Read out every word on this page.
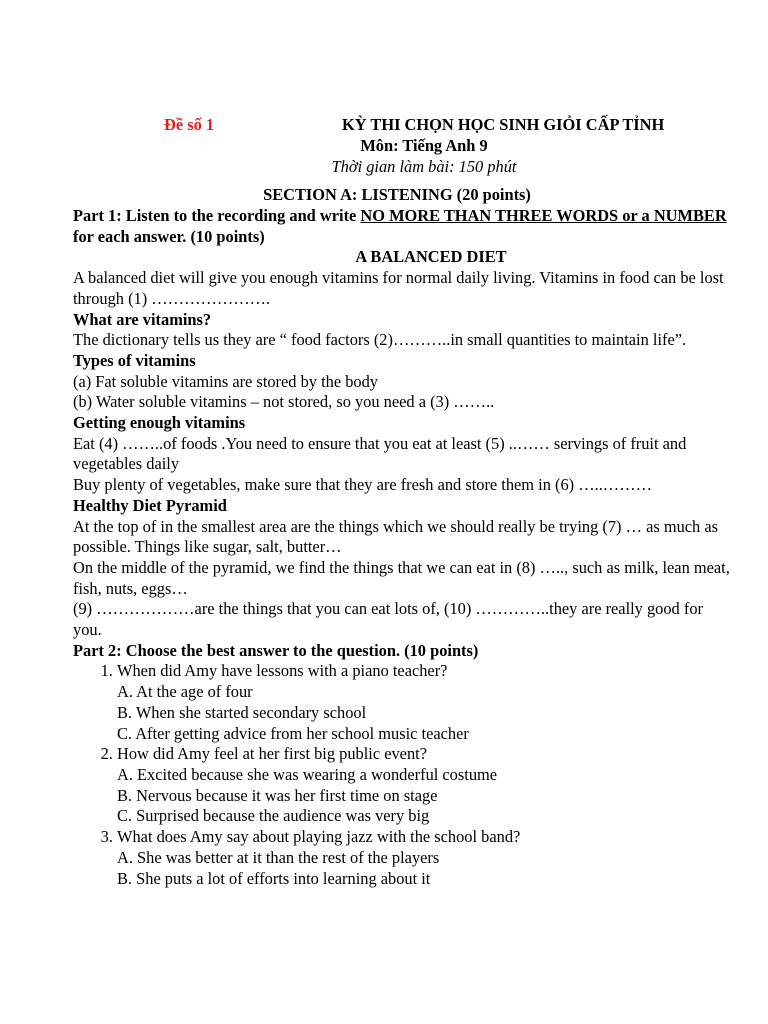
Đề số 1	KỲ THI CHỌN HỌC SINH GIỎI CẤP TỈNH
Môn: Tiếng Anh 9
Thời gian làm bài: 150 phút
SECTION A: LISTENING (20 points)

Part 1: Listen to the recording and write NO MORE THAN THREE WORDS or a NUMBER for each answer. (10 points)

A BALANCED DIET

A balanced diet will give you enough vitamins for normal daily living. Vitamins in food can be lost through (1) ………………….

What are vitamins?

The dictionary tells us they are “ food factors (2)………..in small quantities to maintain life”.

Types of vitamins

(a) Fat soluble vitamins are stored by the body

(b) Water soluble vitamins – not stored, so you need a (3) ……..

Getting enough vitamins

Eat (4) ……..of foods .You need to ensure that you eat at least (5) ..…… servings of fruit and vegetables daily

Buy plenty of vegetables, make sure that they are fresh and store them in (6) …..………

Healthy Diet Pyramid

At the top of in the smallest area are the things which we should really be trying (7) … as much as possible. Things like sugar, salt, butter…

On the middle of the pyramid, we find the things that we can eat in (8) ….., such as milk, lean meat, fish, nuts, eggs…

(9) ………………are the things that you can eat lots of, (10) …………..they are really good for you.

Part 2: Choose the best answer to the question. (10 points)

1. When did Amy have lessons with a piano teacher?
A. At the age of four
B. When she started secondary school
C. After getting advice from her school music teacher
2. How did Amy feel at her first big public event?
A. Excited because she was wearing a wonderful costume
B. Nervous because it was her first time on stage
C. Surprised because the audience was very big
3. What does Amy say about playing jazz with the school band?
A. She was better at it than the rest of the players
B. She puts a lot of efforts into learning about it
